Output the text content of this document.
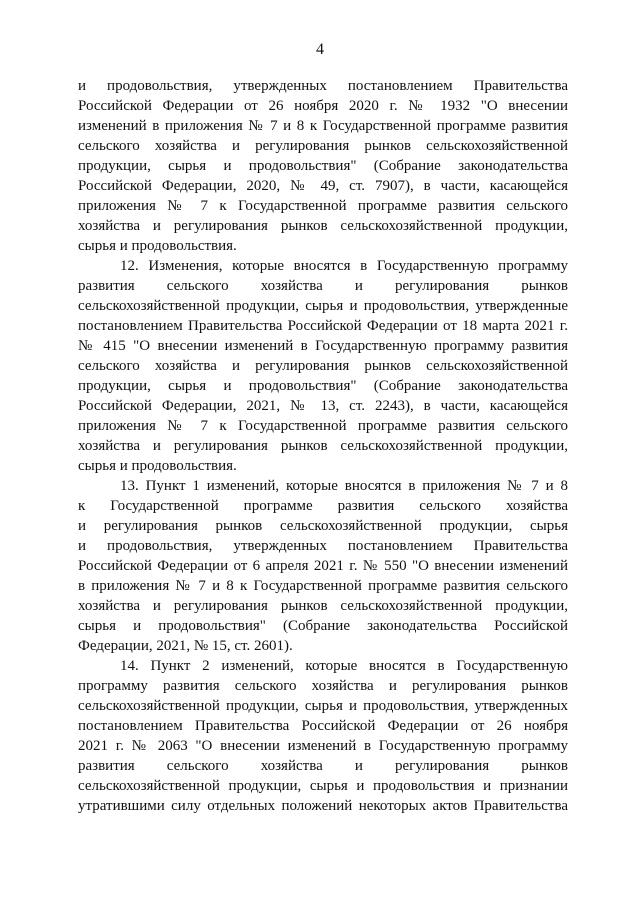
4
и продовольствия, утвержденных постановлением Правительства
Российской Федерации от 26 ноября 2020 г. № 1932 "О внесении
изменений в приложения № 7 и 8 к Государственной программе развития
сельского хозяйства и регулирования рынков сельскохозяйственной
продукции, сырья и продовольствия" (Собрание законодательства
Российской Федерации, 2020, № 49, ст. 7907), в части, касающейся
приложения № 7 к Государственной программе развития сельского
хозяйства и регулирования рынков сельскохозяйственной продукции,
сырья и продовольствия.
12. Изменения, которые вносятся в Государственную программу
развития сельского хозяйства и регулирования рынков
сельскохозяйственной продукции, сырья и продовольствия, утвержденные
постановлением Правительства Российской Федерации от 18 марта 2021 г.
№ 415 "О внесении изменений в Государственную программу развития
сельского хозяйства и регулирования рынков сельскохозяйственной
продукции, сырья и продовольствия" (Собрание законодательства
Российской Федерации, 2021, № 13, ст. 2243), в части, касающейся
приложения № 7 к Государственной программе развития сельского
хозяйства и регулирования рынков сельскохозяйственной продукции,
сырья и продовольствия.
13. Пункт 1 изменений, которые вносятся в приложения № 7 и 8
к Государственной программе развития сельского хозяйства
и регулирования рынков сельскохозяйственной продукции, сырья
и продовольствия, утвержденных постановлением Правительства
Российской Федерации от 6 апреля 2021 г. № 550 "О внесении изменений
в приложения № 7 и 8 к Государственной программе развития сельского
хозяйства и регулирования рынков сельскохозяйственной продукции,
сырья и продовольствия" (Собрание законодательства Российской
Федерации, 2021, № 15, ст. 2601).
14. Пункт 2 изменений, которые вносятся в Государственную
программу развития сельского хозяйства и регулирования рынков
сельскохозяйственной продукции, сырья и продовольствия, утвержденных
постановлением Правительства Российской Федерации от 26 ноября
2021 г. № 2063 "О внесении изменений в Государственную программу
развития сельского хозяйства и регулирования рынков
сельскохозяйственной продукции, сырья и продовольствия и признании
утратившими силу отдельных положений некоторых актов Правительства
